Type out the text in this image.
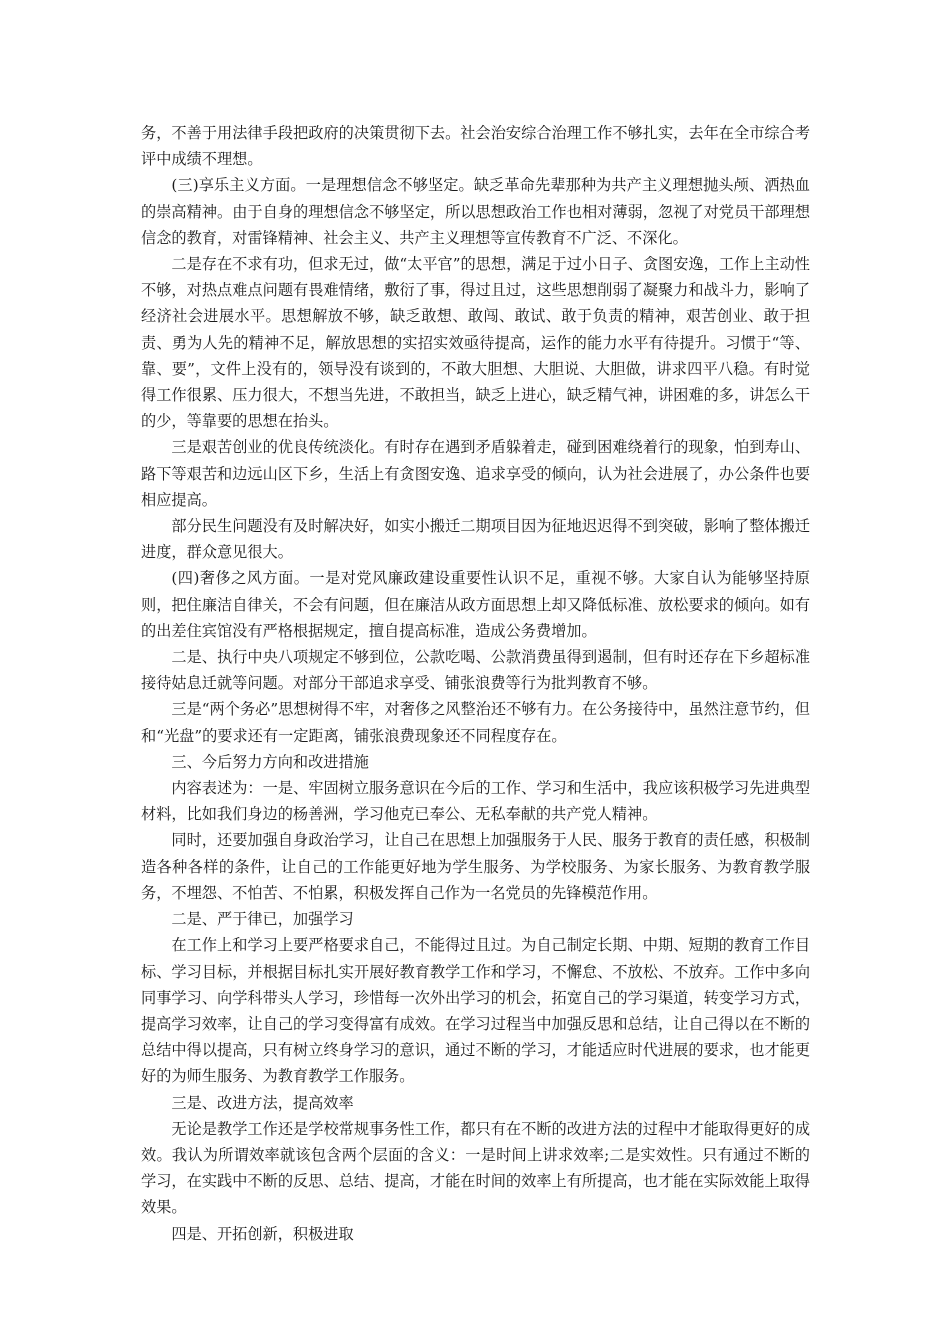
务，不善于用法律手段把政府的决策贯彻下去。社会治安综合治理工作不够扎实，去年在全市综合考评中成绩不理想。

(三)享乐主义方面。一是理想信念不够坚定。缺乏革命先辈那种为共产主义理想抛头颅、洒热血的崇高精神。由于自身的理想信念不够坚定，所以思想政治工作也相对薄弱，忽视了对党员干部理想信念的教育，对雷锋精神、社会主义、共产主义理想等宣传教育不广泛、不深化。

二是存在不求有功，但求无过，做“太平官”的思想，满足于过小日子、贪图安逸，工作上主动性不够，对热点难点问题有畏难情绪，敷衍了事，得过且过，这些思想削弱了凝聚力和战斗力，影响了经济社会进展水平。思想解放不够，缺乏敢想、敢闯、敢试、敢于负责的精神，艰苦创业、敢于担责、勇为人先的精神不足，解放思想的实招实效亟待提高，运作的能力水平有待提升。习惯于“等、靠、要”，文件上没有的，领导没有谈到的，不敢大胆想、大胆说、大胆做，讲求四平八稳。有时觉得工作很累、压力很大，不想当先进，不敢担当，缺乏上进心，缺乏精气神，讲困难的多，讲怎么干的少，等靠要的思想在抬头。

三是艰苦创业的优良传统淡化。有时存在遇到矛盾躲着走，碰到困难绕着行的现象，怕到寿山、路下等艰苦和边远山区下乡，生活上有贪图安逸、追求享受的倾向，认为社会进展了，办公条件也要相应提高。

部分民生问题没有及时解决好，如实小搬迁二期项目因为征地迟迟得不到突破，影响了整体搬迁进度，群众意见很大。

(四)奢侈之风方面。一是对党风廉政建设重要性认识不足，重视不够。大家自认为能够坚持原则，把住廉洁自律关，不会有问题，但在廉洁从政方面思想上却又降低标准、放松要求的倾向。如有的出差住宾馆没有严格根据规定，擅自提高标准，造成公务费增加。

二是、执行中央八项规定不够到位，公款吃喝、公款消费虽得到遏制，但有时还存在下乡超标准接待姑息迁就等问题。对部分干部追求享受、铺张浪费等行为批判教育不够。

三是“两个务必”思想树得不牢，对奢侈之风整治还不够有力。在公务接待中，虽然注意节约，但和“光盘”的要求还有一定距离，铺张浪费现象还不同程度存在。

三、今后努力方向和改进措施

内容表述为：一是、牢固树立服务意识在今后的工作、学习和生活中，我应该积极学习先进典型材料，比如我们身边的杨善洲，学习他克已奉公、无私奉献的共产党人精神。

同时，还要加强自身政治学习，让自己在思想上加强服务于人民、服务于教育的责任感，积极制造各种各样的条件，让自己的工作能更好地为学生服务、为学校服务、为家长服务、为教育教学服务，不埋怨、不怕苦、不怕累，积极发挥自己作为一名党员的先锋模范作用。

二是、严于律已，加强学习

在工作上和学习上要严格要求自己，不能得过且过。为自己制定长期、中期、短期的教育工作目标、学习目标，并根据目标扎实开展好教育教学工作和学习，不懈怠、不放松、不放弃。工作中多向同事学习、向学科带头人学习，珍惜每一次外出学习的机会，拓宽自己的学习渠道，转变学习方式，提高学习效率，让自己的学习变得富有成效。在学习过程当中加强反思和总结，让自己得以在不断的总结中得以提高，只有树立终身学习的意识，通过不断的学习，才能适应时代进展的要求，也才能更好的为师生服务、为教育教学工作服务。

三是、改进方法，提高效率

无论是教学工作还是学校常规事务性工作，都只有在不断的改进方法的过程中才能取得更好的成效。我认为所谓效率就该包含两个层面的含义：一是时间上讲求效率;二是实效性。只有通过不断的学习，在实践中不断的反思、总结、提高，才能在时间的效率上有所提高，也才能在实际效能上取得效果。

四是、开拓创新，积极进取
